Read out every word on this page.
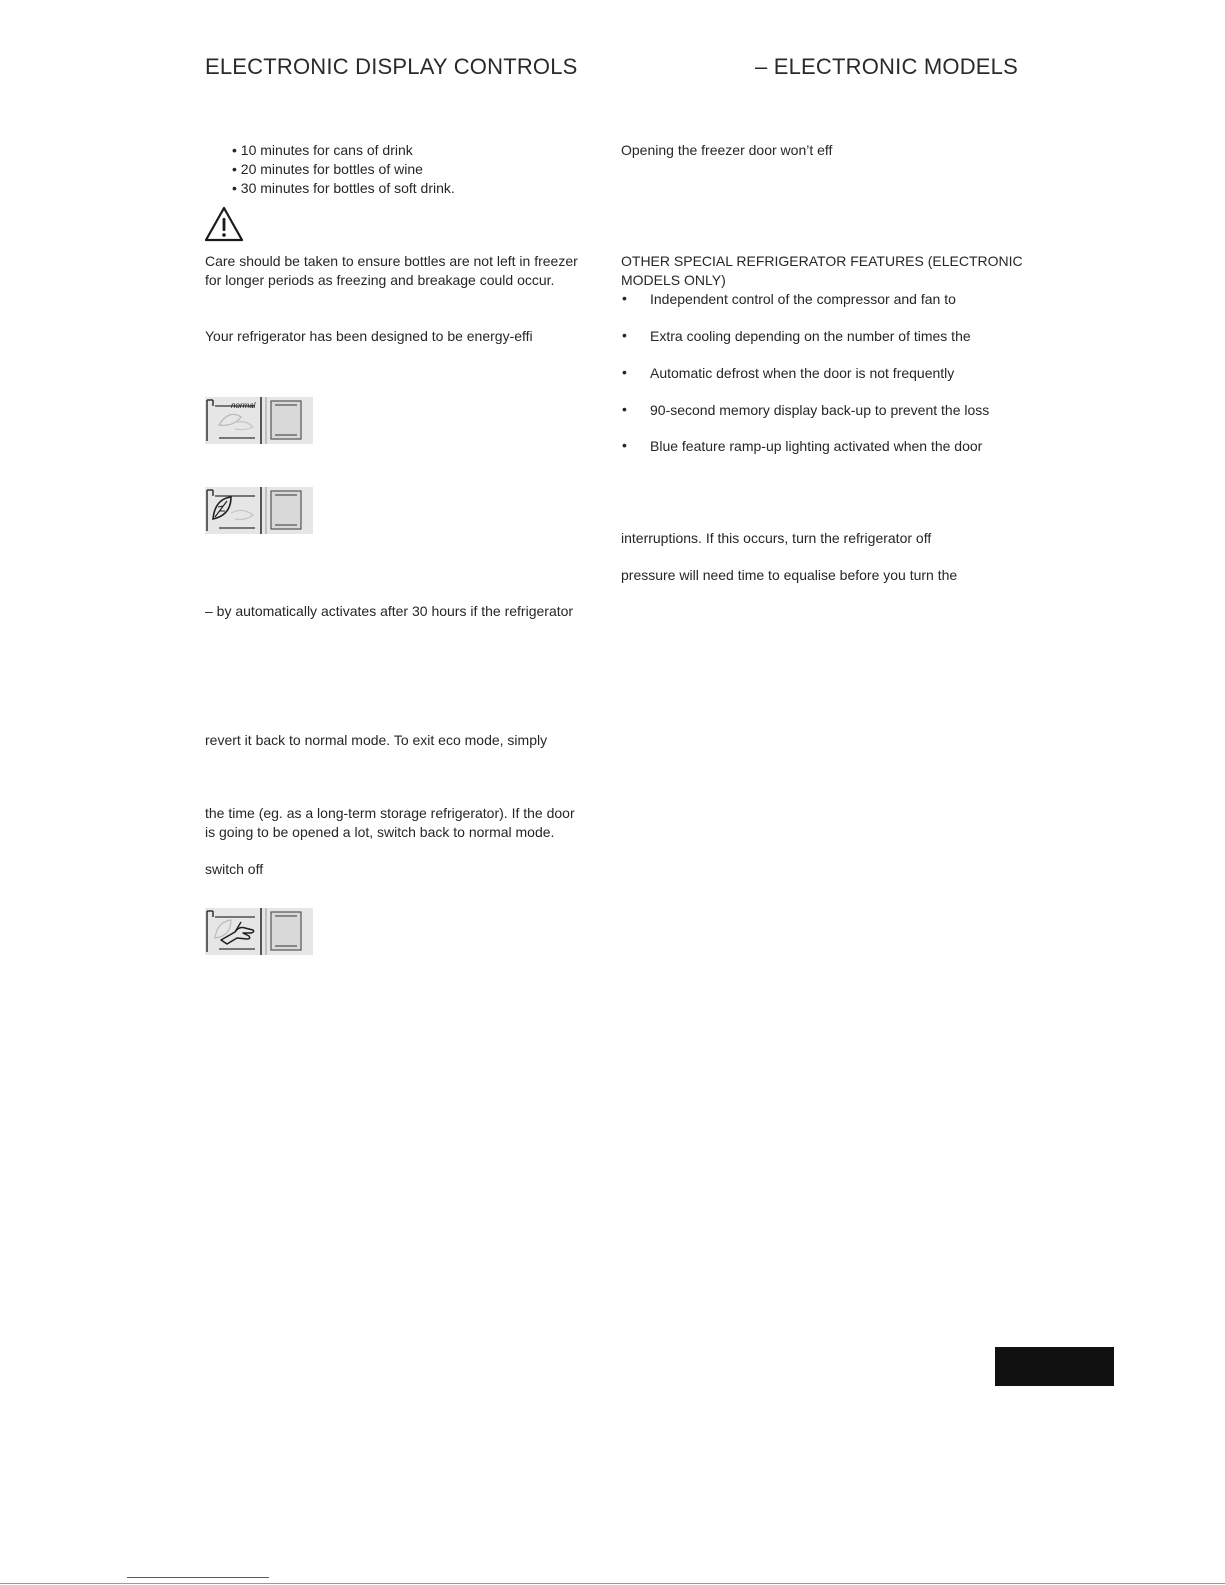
ELECTRONIC DISPLAY CONTROLS	– ELECTRONIC MODELS
• 10 minutes for cans of drink
• 20 minutes for bottles of wine
• 30 minutes for bottles of soft drink.
Care should be taken to ensure bottles are not left in freezer
for longer periods as freezing and breakage could occur.
Your refrigerator has been designed to be energy-effi
normal
– by automatically activates after 30 hours if the refrigerator
revert it back to normal mode. To exit eco mode, simply
the time (eg. as a long-term storage refrigerator). If the door
is going to be opened a lot, switch back to normal mode.
switch off
Opening the freezer door won’t eff
OTHER SPECIAL REFRIGERATOR FEATURES (ELECTRONIC
MODELS ONLY)
• Independent control of the compressor and fan to
• Extra cooling depending on the number of times the
• Automatic defrost when the door is not frequently
• 90-second memory display back-up to prevent the loss
• Blue feature ramp-up lighting activated when the door
interruptions. If this occurs, turn the refrigerator off
pressure will need time to equalise before you turn the
